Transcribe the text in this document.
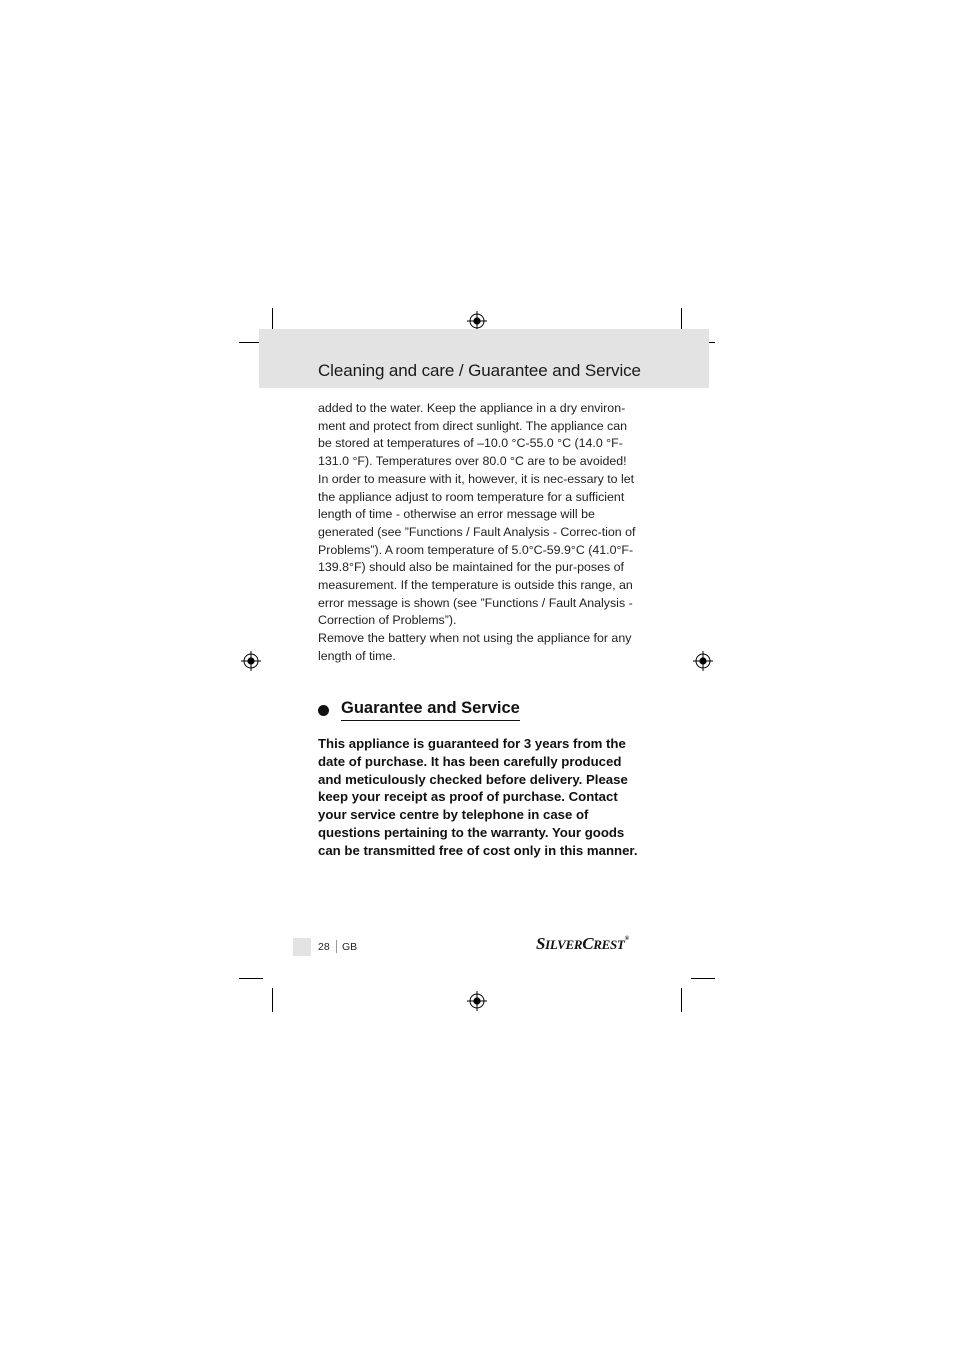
Cleaning and care / Guarantee and Service

added to the water. Keep the appliance in a dry environ-ment and protect from direct sunlight. The appliance can be stored at temperatures of –10.0 °C-55.0 °C (14.0 °F-131.0 °F). Temperatures over 80.0 °C are to be avoided! In order to measure with it, however, it is nec-essary to let the appliance adjust to room temperature for a sufficient length of time - otherwise an error message will be generated (see ”Functions / Fault Analysis - Correc-tion of Problems”). A room temperature of 5.0°C-59.9°C (41.0°F-139.8°F) should also be maintained for the pur-poses of measurement. If the temperature is outside this range, an error message is shown (see ”Functions / Fault Analysis - Correction of Problems”).

Remove the battery when not using the appliance for any length of time.

Guarantee and Service
This appliance is guaranteed for 3 years from the date of purchase. It has been carefully produced and meticulously checked before delivery. Please keep your receipt as proof of purchase. Contact your service centre by telephone in case of questions pertaining to the warranty. Your goods can be transmitted free of cost only in this manner.
28 GB	SILVERCREST®
